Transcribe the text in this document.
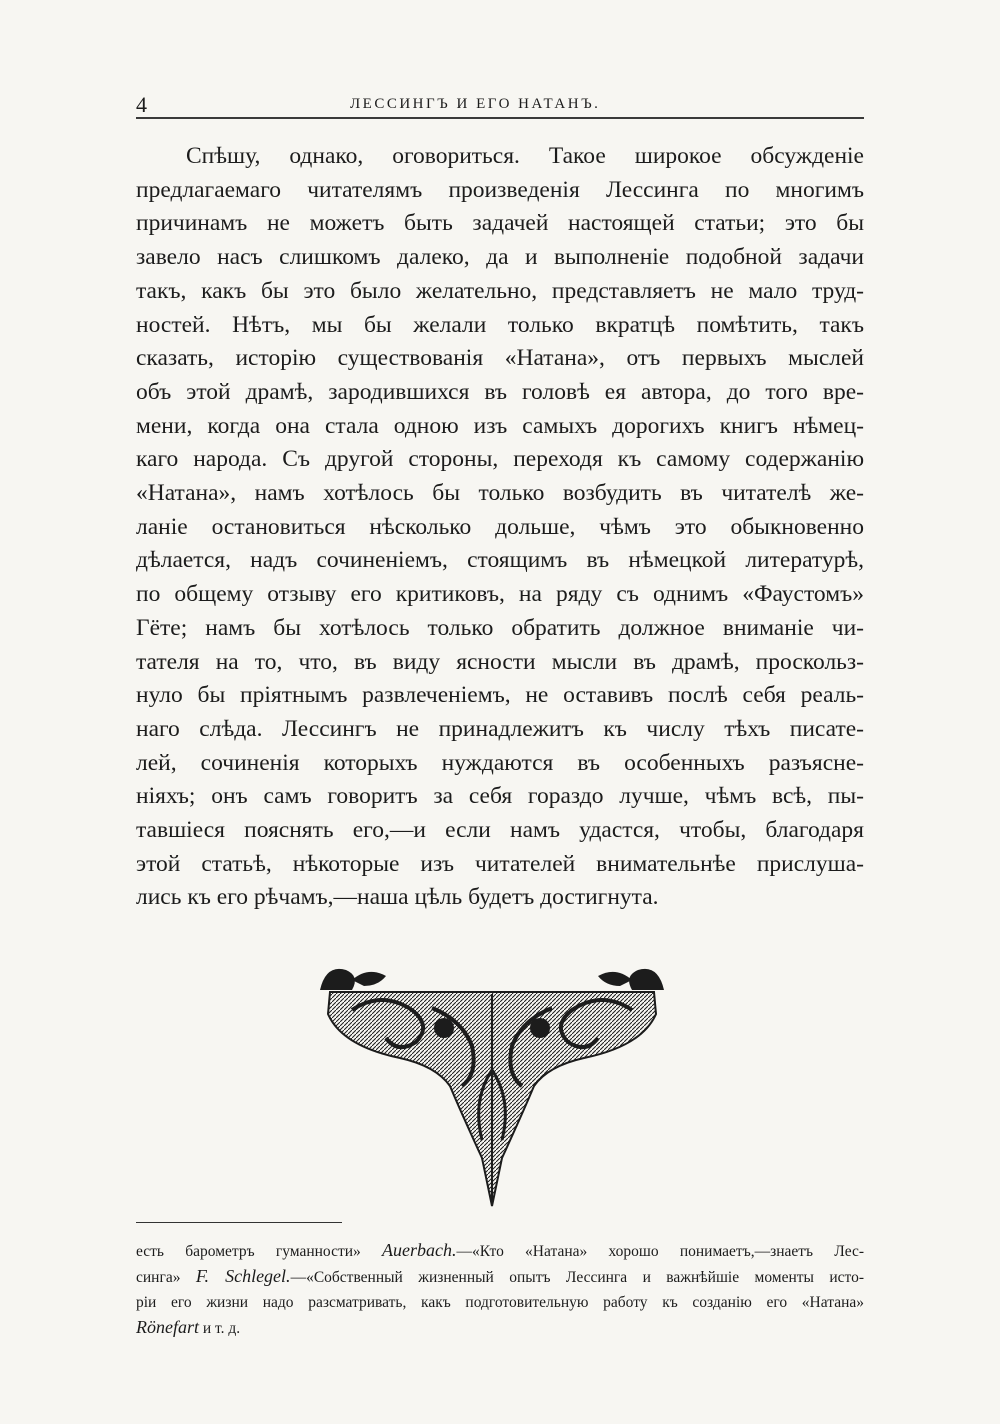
4	ЛЕССИНГЪ И ЕГО НАТАНЪ.
Спѣшу, однако, оговориться. Такое широкое обсужденіе
предлагаемаго читателямъ произведенія Лессинга по многимъ
причинамъ не можетъ быть задачей настоящей статьи; это бы
завело насъ слишкомъ далеко, да и выполненіе подобной задачи
такъ, какъ бы это было желательно, представляетъ не мало труд-
ностей. Нѣтъ, мы бы желали только вкратцѣ помѣтить, такъ
сказать, исторію существованія «Натана», отъ первыхъ мыслей
объ этой драмѣ, зародившихся въ головѣ ея автора, до того вре-
мени, когда она стала одною изъ самыхъ дорогихъ книгъ нѣмец-
каго народа. Съ другой стороны, переходя къ самому содержанію
«Натана», намъ хотѣлось бы только возбудить въ читателѣ же-
ланіе остановиться нѣсколько дольше, чѣмъ это обыкновенно
дѣлается, надъ сочиненіемъ, стоящимъ въ нѣмецкой литературѣ,
по общему отзыву его критиковъ, на ряду съ однимъ «Фаустомъ»
Гёте; намъ бы хотѣлось только обратить должное вниманіе чи-
тателя на то, что, въ виду ясности мысли въ драмѣ, проскольз-
нуло бы пріятнымъ развлеченіемъ, не оставивъ послѣ себя реаль-
наго слѣда. Лессингъ не принадлежитъ къ числу тѣхъ писате-
лей, сочиненія которыхъ нуждаются въ особенныхъ разъясне-
ніяхъ; онъ самъ говоритъ за себя гораздо лучше, чѣмъ всѣ, пы-
тавшіеся пояснять его,—и если намъ удастся, чтобы, благодаря
этой статьѣ, нѣкоторые изъ читателей внимательнѣе прислуша-
лись къ его рѣчамъ,—наша цѣль будетъ достигнута.
есть барометръ гуманности» Auerbach.—«Кто «Натана» хорошо понимаетъ,—знаетъ Лес-
синга» F. Schlegel.—«Собственный жизненный опытъ Лессинга и важнѣйшіе моменты исто-
ріи его жизни надо разсматривать, какъ подготовительную работу къ созданію его «Натана»
Rönefart и т. д.
